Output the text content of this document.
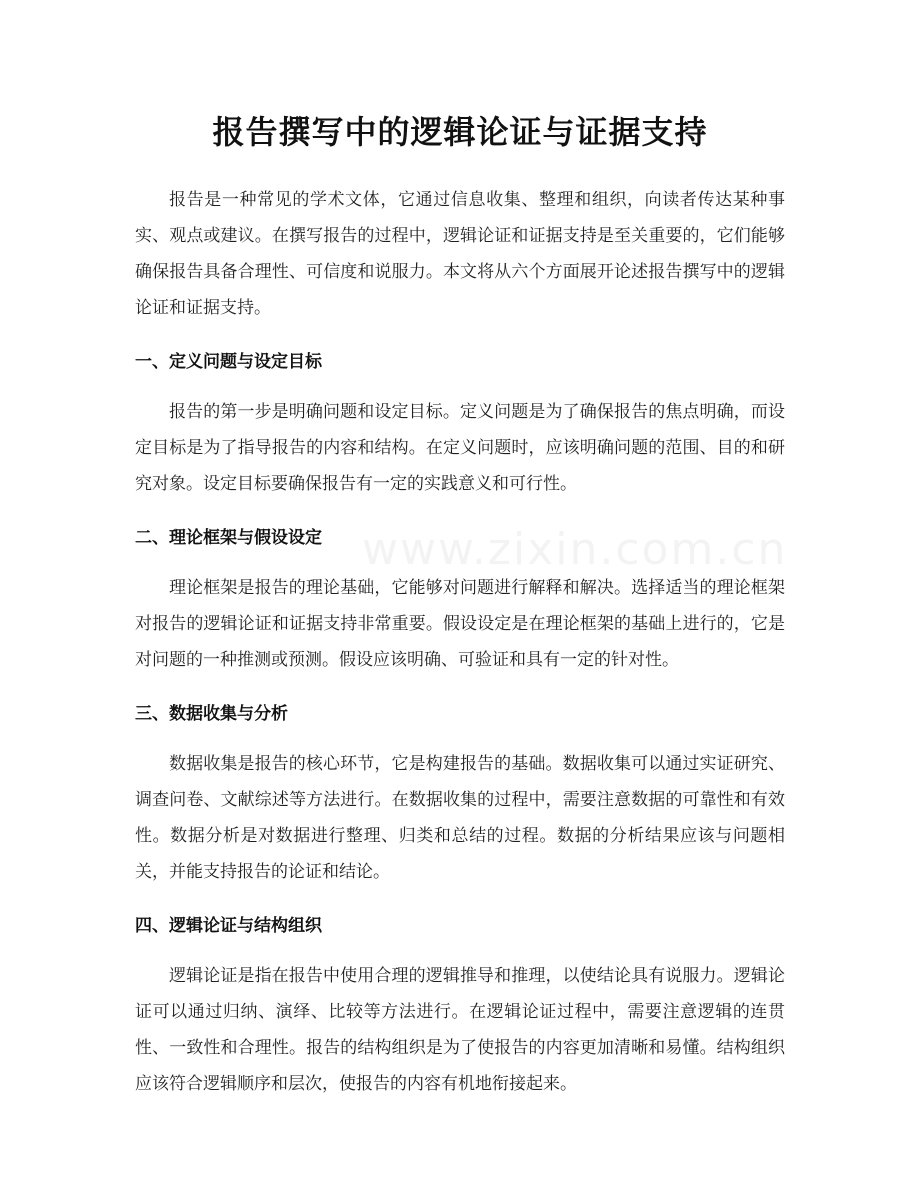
报告撰写中的逻辑论证与证据支持

报告是一种常见的学术文体，它通过信息收集、整理和组织，向读者传达某种事实、观点或建议。在撰写报告的过程中，逻辑论证和证据支持是至关重要的，它们能够确保报告具备合理性、可信度和说服力。本文将从六个方面展开论述报告撰写中的逻辑论证和证据支持。

一、定义问题与设定目标

报告的第一步是明确问题和设定目标。定义问题是为了确保报告的焦点明确，而设定目标是为了指导报告的内容和结构。在定义问题时，应该明确问题的范围、目的和研究对象。设定目标要确保报告有一定的实践意义和可行性。

二、理论框架与假设设定

理论框架是报告的理论基础，它能够对问题进行解释和解决。选择适当的理论框架对报告的逻辑论证和证据支持非常重要。假设设定是在理论框架的基础上进行的，它是对问题的一种推测或预测。假设应该明确、可验证和具有一定的针对性。

三、数据收集与分析

数据收集是报告的核心环节，它是构建报告的基础。数据收集可以通过实证研究、调查问卷、文献综述等方法进行。在数据收集的过程中，需要注意数据的可靠性和有效性。数据分析是对数据进行整理、归类和总结的过程。数据的分析结果应该与问题相关，并能支持报告的论证和结论。

四、逻辑论证与结构组织

逻辑论证是指在报告中使用合理的逻辑推导和推理，以使结论具有说服力。逻辑论证可以通过归纳、演绎、比较等方法进行。在逻辑论证过程中，需要注意逻辑的连贯性、一致性和合理性。报告的结构组织是为了使报告的内容更加清晰和易懂。结构组织应该符合逻辑顺序和层次，使报告的内容有机地衔接起来。

www.zixin.com.cn
